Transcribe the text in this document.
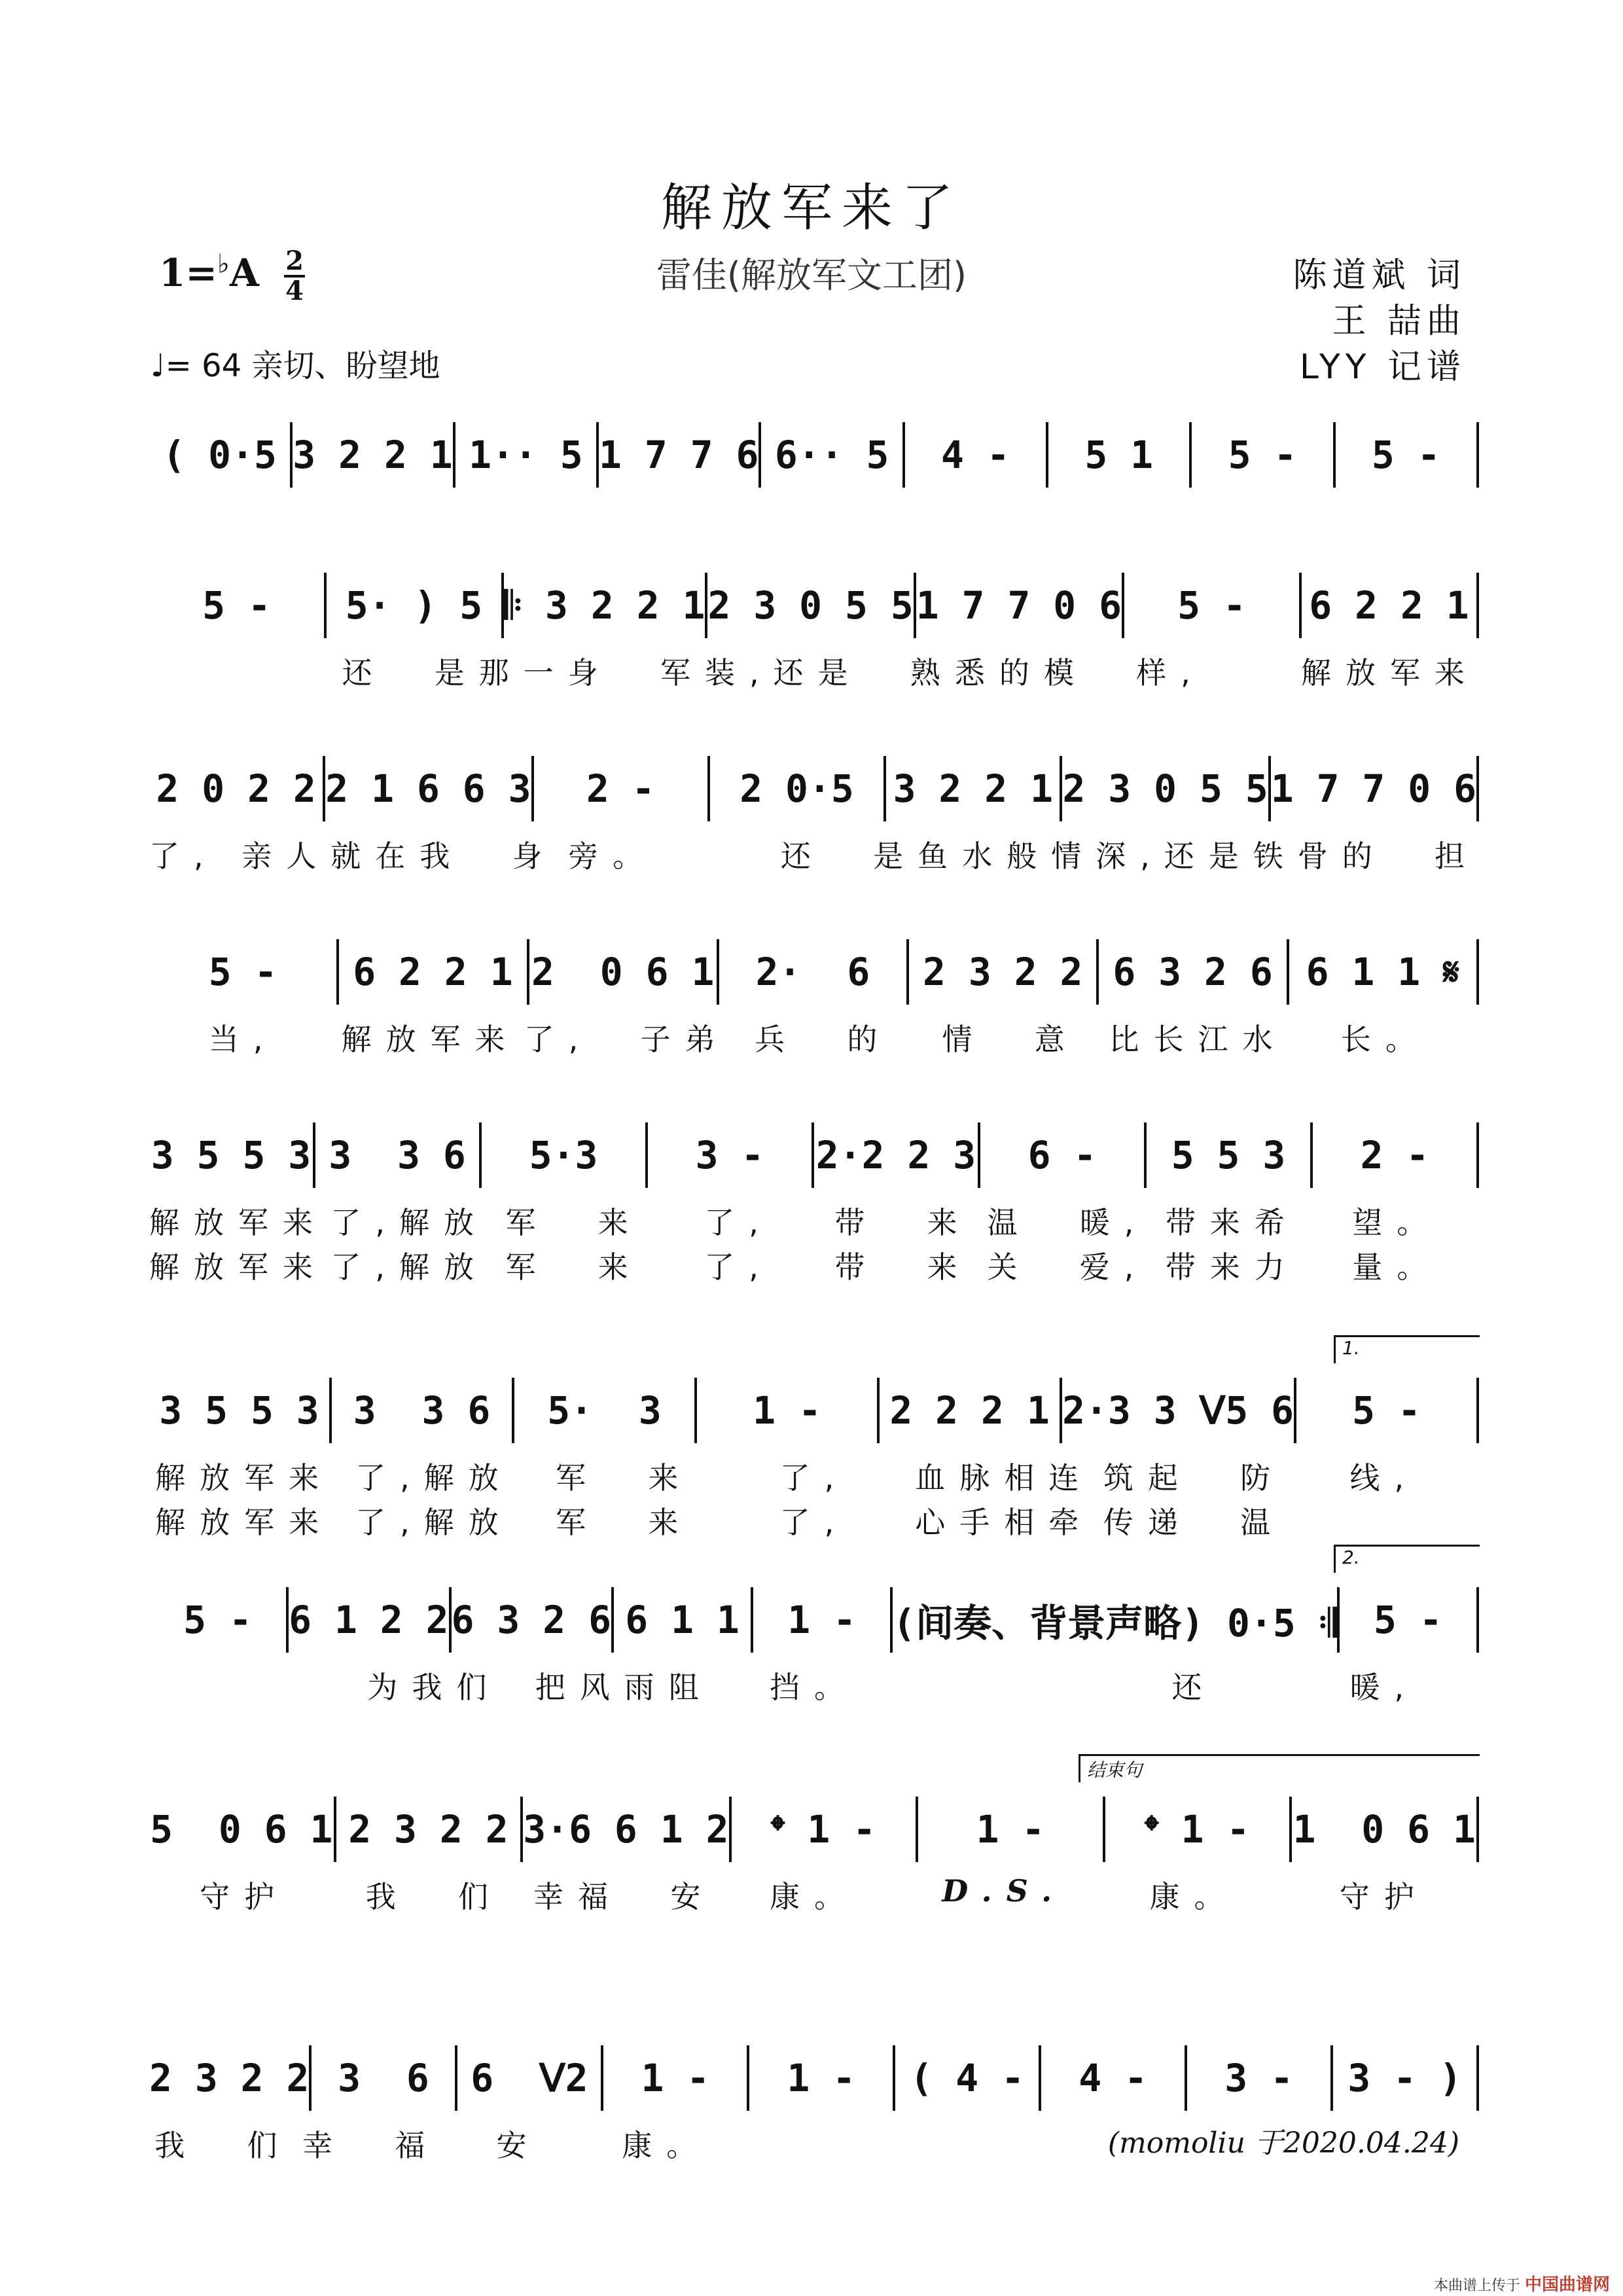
解放军来了
雷佳(解放军文工团)
$1=^♭A \frac{2}{4}$
♩= 64 亲切、盼望地
陈道斌 词
王 喆曲
LYY 记谱
( 0·5 3 2 2 1 1·· 5 1 7 7 6 6·· 5	4 -	5 1	5 -	5 -
5 -	5· ) 5 𝄆 3 2 2 1 2 3 0 5 5 1 7 7 0 6	5 -	6 2 2 1
还  是那一身  军装, 还是  熟悉的 模  样,	解放军来
2 0 2 2 2 1 6 6 3	2 -	2 0·5	3 2 2 1 2 3 0 5 5 1 7 7 0 6
了, 亲人 就在我  身 旁。	还  是鱼水般 情深,还是 铁骨的  担
5 -	6 2 2 1 2  0 6 1	2·  6	2 3 2 2 6 3 2 6 6 1 1 𝄋
当,	解放军来 了,  子弟 兵  的	情  意 比长江水	长。
3 5 5 3 3  3 6	5·3	3 -	2·2 2 3	6 -	5 5 3	2 -
解放军来 了,解放 军  来	了,	带  来 温  暖, 带来希	望。
解放军来 了,解放 军  来	了,	带  来 关  爱, 带来力	量。
3 5 5 3 3  3 6	5·  3	1 -	2 2 2 1 2·3 3 ᐯ5 6	5 -
解放军来 了,解放	军  来	了,	血脉相连 筑起  防	线,
解放军来 了,解放	军  来	了,	心手相牵 传递  温
1.
5 - 6 1 2 2 6 3 2 6 6 1 1	1 - (间奏、背景声略) 0·5 𝄇 5 -
为我们	把风雨阻	挡。	还	暖,
2.
5  0 6 1 2 3 2 2 3·6 6 1 2	𝄌 1 -	1 -	𝄌 1 -	1  0 6 1
守护	我  们	幸福  安	康。	D.S.	康。	守护
结束句
2 3 2 2 3  6	6  ᐯ2	1 -	1 -	( 4 -	4 -	3 -	3 - )
我  们 幸  福	安	康。	(momoliu 于2020.04.24)
本曲谱上传于 中国曲谱网
